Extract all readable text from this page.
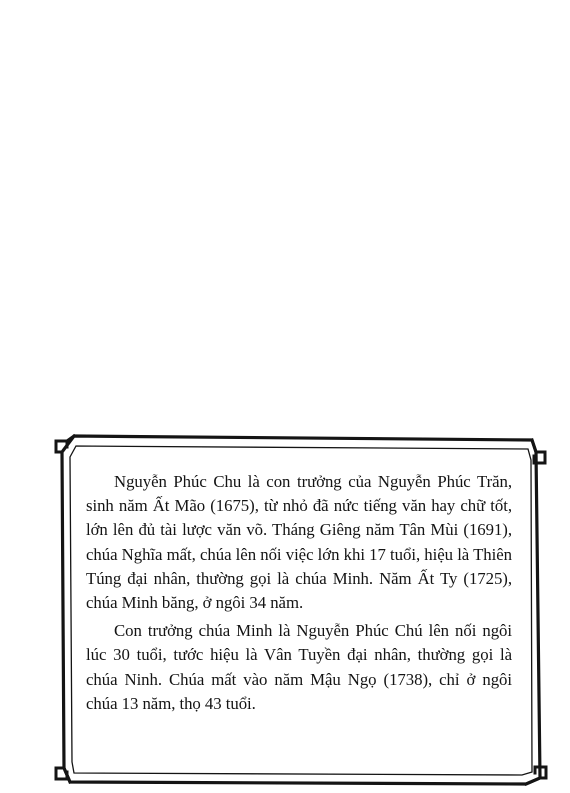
Nguyễn Phúc Chu là con trưởng của Nguyễn Phúc Trăn, sinh năm Ất Mão (1675), từ nhỏ đã nức tiếng văn hay chữ tốt, lớn lên đủ tài lược văn võ. Tháng Giêng năm Tân Mùi (1691), chúa Nghĩa mất, chúa lên nối việc lớn khi 17 tuổi, hiệu là Thiên Túng đại nhân, thường gọi là chúa Minh. Năm Ất Ty (1725), chúa Minh băng, ở ngôi 34 năm.

Con trưởng chúa Minh là Nguyễn Phúc Chú lên nối ngôi lúc 30 tuổi, tước hiệu là Vân Tuyền đại nhân, thường gọi là chúa Ninh. Chúa mất vào năm Mậu Ngọ (1738), chỉ ở ngôi chúa 13 năm, thọ 43 tuổi.
